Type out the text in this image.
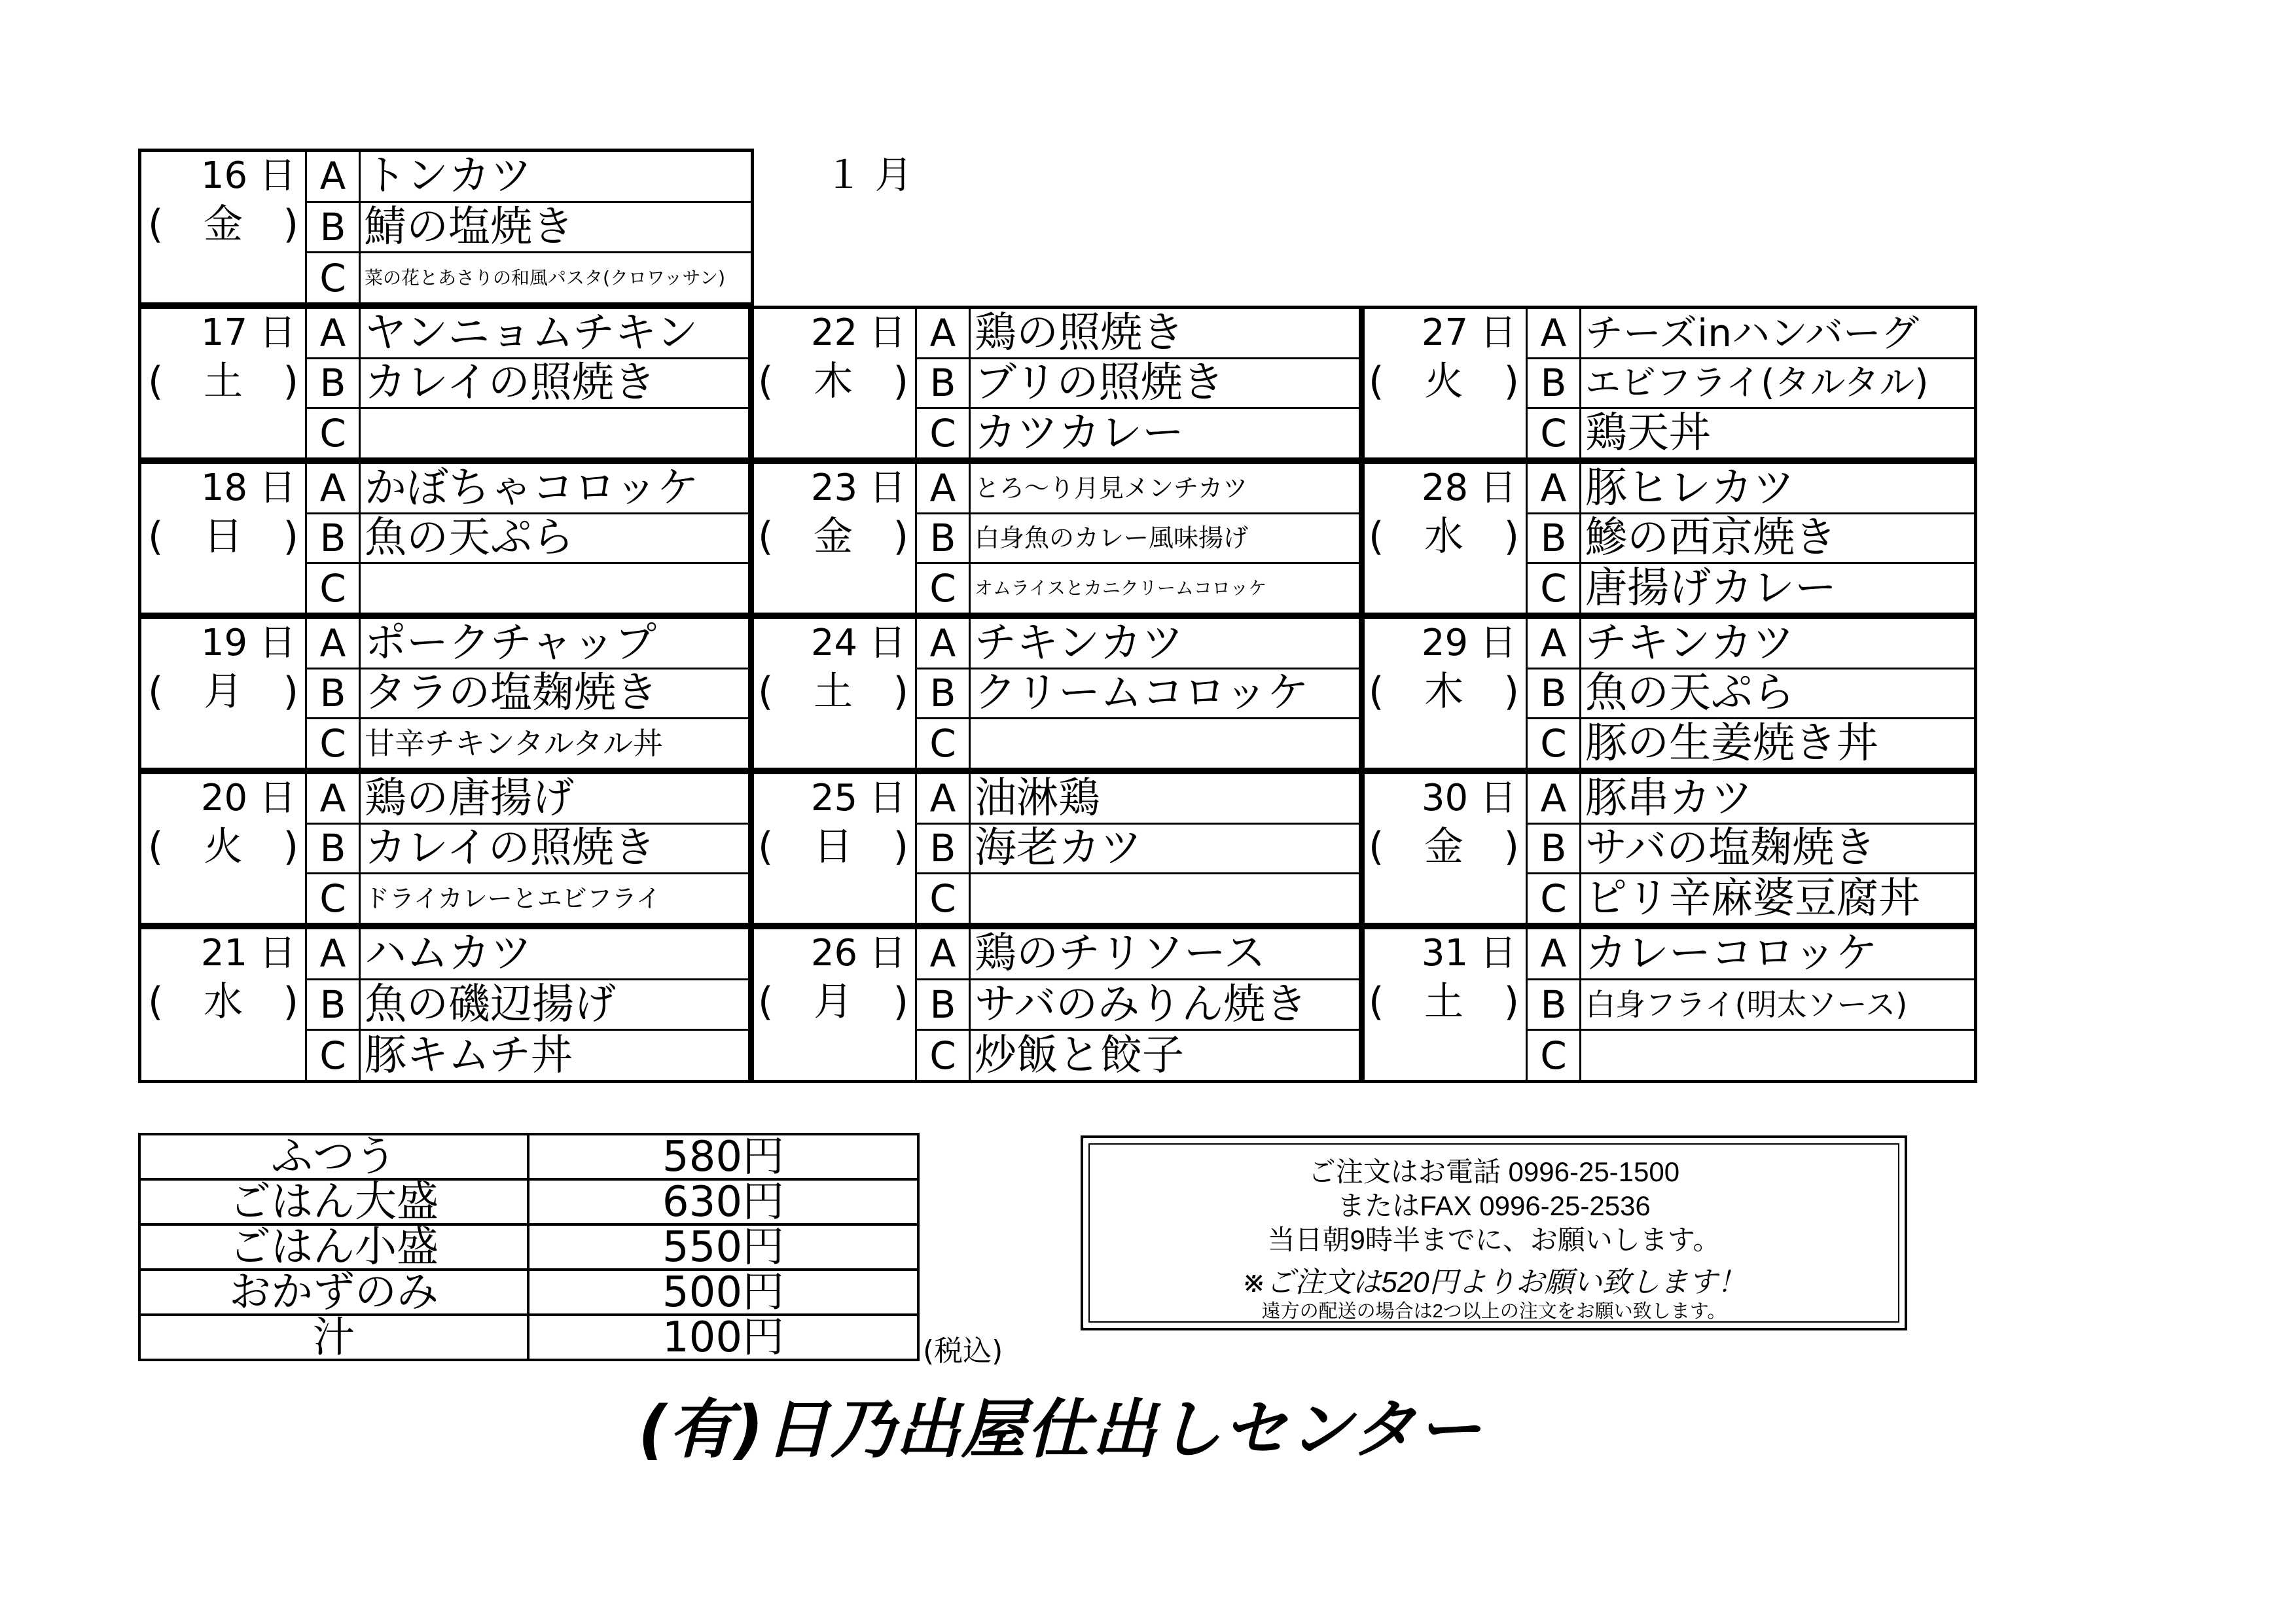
１ 月
16 日
( 金 )	A	トンカツ
	B	鯖の塩焼き
	C	菜の花とあさりの和風パスタ(クロワッサン)
17 日
( 土 )	A	ヤンニョムチキン
	B	カレイの照焼き
	C	
18 日
( 日 )	A	かぼちゃコロッケ
	B	魚の天ぷら
	C	
19 日
( 月 )	A	ポークチャップ
	B	タラの塩麹焼き
	C	甘辛チキンタルタル丼
20 日
( 火 )	A	鶏の唐揚げ
	B	カレイの照焼き
	C	ドライカレーとエビフライ
21 日
( 水 )	A	ハムカツ
	B	魚の磯辺揚げ
	C	豚キムチ丼
22 日
( 木 )	A	鶏の照焼き
	B	ブリの照焼き
	C	カツカレー
23 日
( 金 )	A	とろ～り月見メンチカツ
	B	白身魚のカレー風味揚げ
	C	オムライスとカニクリームコロッケ
24 日
( 土 )	A	チキンカツ
	B	クリームコロッケ
	C	
25 日
( 日 )	A	油淋鶏
	B	海老カツ
	C	
26 日
( 月 )	A	鶏のチリソース
	B	サバのみりん焼き
	C	炒飯と餃子
27 日
( 火 )	A	チーズinハンバーグ
	B	エビフライ(タルタル)
	C	鶏天丼
28 日
( 水 )	A	豚ヒレカツ
	B	鰺の西京焼き
	C	唐揚げカレー
29 日
( 木 )	A	チキンカツ
	B	魚の天ぷら
	C	豚の生姜焼き丼
30 日
( 金 )	A	豚串カツ
	B	サバの塩麹焼き
	C	ピリ辛麻婆豆腐丼
31 日
( 土 )	A	カレーコロッケ
	B	白身フライ(明太ソース)
	C	
ふつう	580円
ごはん大盛	630円
ごはん小盛	550円
おかずのみ	500円
汁	100円	(税込)
ご注文はお電話 0996-25-1500
またはFAX 0996-25-2536
当日朝9時半までに、お願いします。
※ご注文は520円よりお願い致します！
遠方の配送の場合は2つ以上の注文をお願い致します。
(有)日乃出屋仕出しセンター
